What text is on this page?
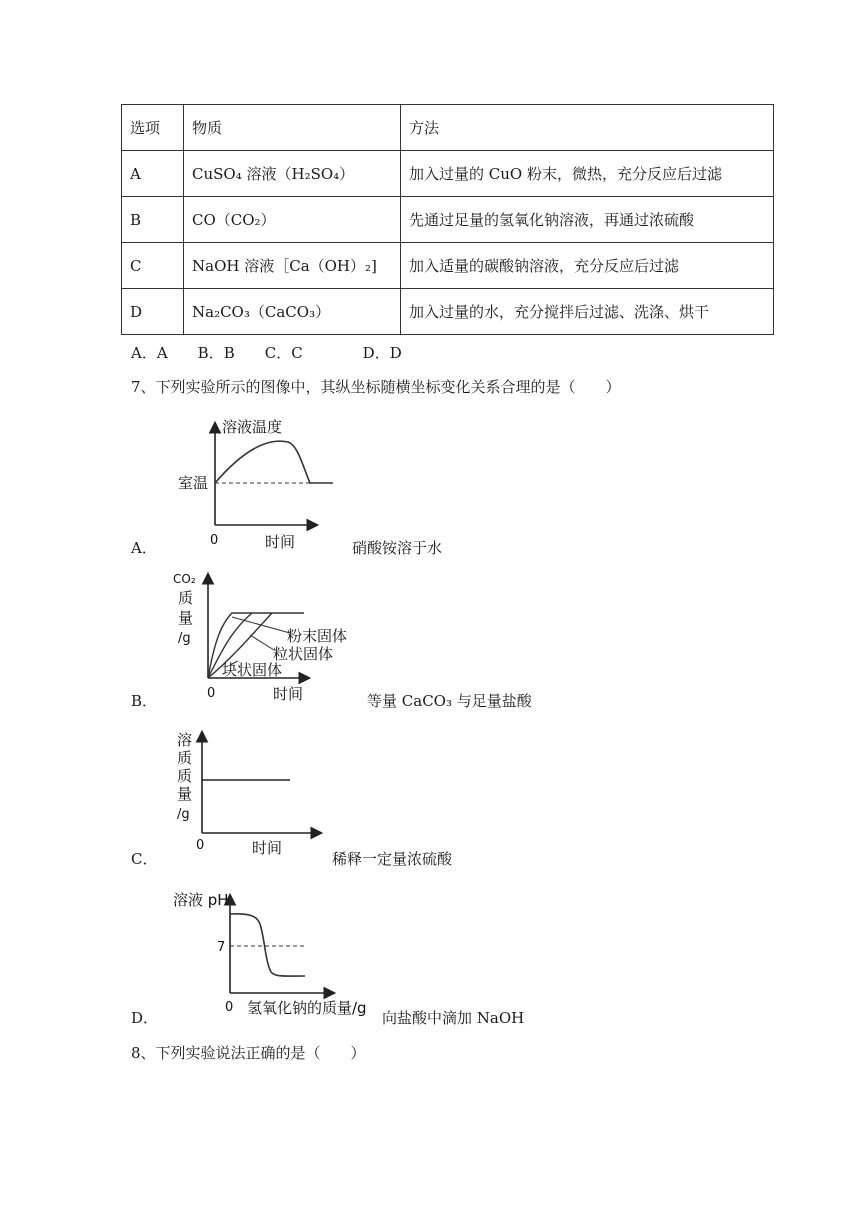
选项	物质	方法
A	CuSO₄ 溶液（H₂SO₄）	加入过量的 CuO 粉末，微热，充分反应后过滤
B	CO（CO₂）	先通过足量的氢氧化钠溶液，再通过浓硫酸
C	NaOH 溶液［Ca（OH）₂]	加入适量的碳酸钠溶液，充分反应后过滤
D	Na₂CO₃（CaCO₃）	加入过量的水，充分搅拌后过滤、洗涤、烘干
A．A　　B．B　　C．C　　　　D．D
7、下列实验所示的图像中，其纵坐标随横坐标变化关系合理的是（　　）
A．
溶液温度
室温
0	时间	硝酸铵溶于水
B．
CO₂
质
量
/g	粉末固体
粒状固体
块状固体
0	时间	等量 CaCO₃ 与足量盐酸
C．
溶
质
质
量
/g
0	时间
稀释一定量浓硫酸
D．
溶液 pH
7
0 氢氧化钠的质量/g
向盐酸中滴加 NaOH
8、下列实验说法正确的是（　　）
